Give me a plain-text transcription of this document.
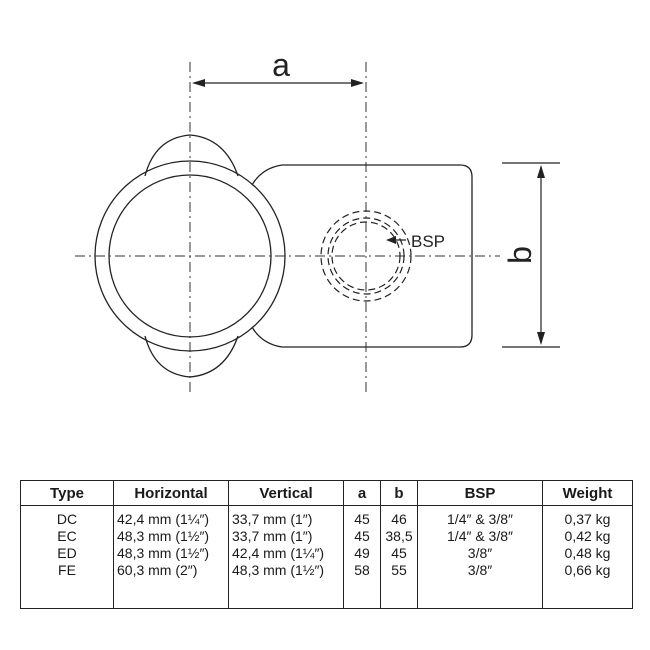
BSP
a
b
Type	Horizontal	Vertical	a	b	BSP	Weight
DC	42,4 mm (1¼″)	33,7 mm (1″)	45	46	1/4″ & 3/8″	0,37 kg
EC	48,3 mm (1½″)	33,7 mm (1″)	45	38,5	1/4″ & 3/8″	0,42 kg
ED	48,3 mm (1½″)	42,4 mm (1¼″)	49	45	3/8″	0,48 kg
FE	60,3 mm (2″)	48,3 mm (1½″)	58	55	3/8″	0,66 kg
